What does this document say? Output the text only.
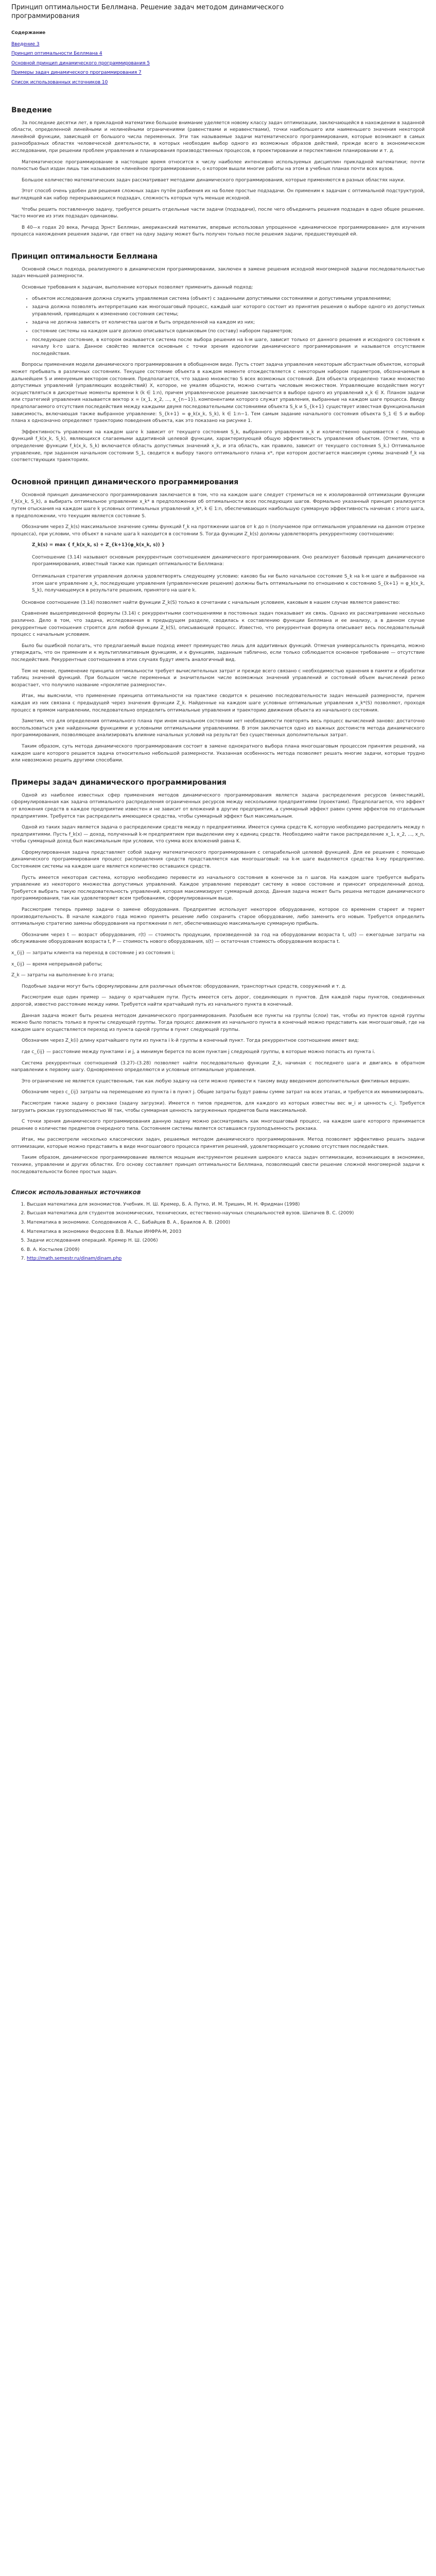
Принцип оптимальности Беллмана. Решение задач методом динамического программирования
Содержание
Введение 3
Принцип оптимальности Беллмана 4
Основной принцип динамического программирования 5
Примеры задач динамического программирования 7
Список использованных источников 10
Введение

За последние десятки лет, в прикладной математике большое внимание уделяется новому классу задач оптимизации, заключающейся в нахождении в заданной области, определенной линейными и нелинейными ограничениями (равенствами и неравенствами), точки наибольшего или наименьшего значения некоторой линейной функции, зависящей от большого числа переменных. Эти так называемые задачи математического программирования, которые возникают в самых разнообразных областях человеческой деятельности, в которых необходим выбор одного из возможных образов действий, прежде всего в экономическом исследовании, при решении проблем управления и планирования производственных процессов, в проектировании и перспективном планировании и т. д.

Математическое программирование в настоящее время относится к числу наиболее интенсивно используемых дисциплин прикладной математики; почти полностью был издан лишь так называемое «линейное программирование», о котором вышли многие работы на этом в учебных планах почти всех вузов.

Большое количество математических задач рассматривает методами динамического программирования, которые применяются в разных областях науки.

Этот способ очень удобен для решения сложных задач путём разбиения их на более простые подзадачи. Он применим к задачам с оптимальной подструктурой, выглядящей как набор перекрывающихся подзадач, сложность которых чуть меньше исходной.

Чтобы решить поставленную задачу, требуется решить отдельные части задачи (подзадачи), после чего объединить решения подзадач в одно общее решение. Часто многие из этих подзадач одинаковы.

В 40—х годах 20 века, Ричард Эрнст Беллман, американский математик, впервые использовал упрощенное «динамическое программирование» для изучения процесса нахождения решения задачи, где ответ на одну задачу может быть получен только после решения задачи, предшествующей ей.

Принцип оптимальности Беллмана

Основной смысл подхода, реализуемого в динамическом программировании, заключен в замене решения исходной многомерной задачи последовательностью задач меньшей размерности.

Основные требования к задачам, выполнение которых позволяет применить данный подход:

• объектом исследования должна служить управляемая система (объект) с заданными допустимыми состояниями и допустимыми управлениями;
• задача должна позволять интерпретацию как многошаговый процесс, каждый шаг которого состоит из принятия решения о выборе одного из допустимых управлений, приводящих к изменению состояния системы;
• задача не должна зависеть от количества шагов и быть определенной на каждом из них;
• состояние системы на каждом шаге должно описываться одинаковым (по составу) набором параметров;
• последующее состояние, в котором оказывается система после выбора решения на k-м шаге, зависит только от данного решения и исходного состояния к началу k-го шага. Данное свойство является основным с точки зрения идеологии динамического программирования и называется отсутствием последействия.

Вопросы применения модели динамического программирования в обобщенном виде. Пусть стоит задача управления некоторым абстрактным объектом, который может пребывать в различных состояниях. Текущее состояние объекта в каждом моменте отождествляется с некоторым набором параметров, обозначаемым в дальнейшем S и именуемым вектором состояния. Предполагается, что задано множество S всех возможных состояний. Для объекта определено также множество допустимых управлений (управляющих воздействий) X, которое, не умаляя общности, можно считать числовым множеством. Управляющие воздействия могут осуществляться в дискретные моменты времени k (k ∈ 1:n), причем управленческое решение заключается в выборе одного из управлений x_k ∈ X. Планом задачи или стратегией управления называется вектор x = (x_1, x_2, ..., x_{n−1}), компонентами которого служат управления, выбранные на каждом шаге процесса. Ввиду предполагаемого отсутствия последействия между каждыми двумя последовательными состояниями объекта S_k и S_{k+1} существует известная функциональная зависимость, включающая также выбранное управление: S_{k+1} = φ_k(x_k, S_k), k ∈ 1:n−1. Тем самым задание начального состояния объекта S_1 ∈ S и выбор плана x однозначно определяют траекторию поведения объекта, как это показано на рисунке 1.

Эффективность управления на каждом шаге k зависит от текущего состояния S_k, выбранного управления x_k и количественно оценивается с помощью функций f_k(x_k, S_k), являющихся слагаемыми аддитивной целевой функции, характеризующей общую эффективность управления объектом. (Отметим, что в определение функции f_k(x_k, S_k) включается область допустимых значений x_k, и эта область, как правило, зависит от текущего состояния S_k.) Оптимальное управление, при заданном начальном состоянии S_1, сводится к выбору такого оптимального плана x*, при котором достигается максимум суммы значений f_k на соответствующих траекториях.

Основной принцип динамического программирования

Основной принцип динамического программирования заключается в том, что на каждом шаге следует стремиться не к изолированной оптимизации функции f_k(x_k, S_k), а выбирать оптимальное управление x_k* в предположении об оптимальности всех последующих шагов. Формально указанный принцип реализуется путем отыскания на каждом шаге k условных оптимальных управлений x_k*, k ∈ 1:n, обеспечивающих наибольшую суммарную эффективность начиная с этого шага, в предположении, что текущим является состояние S.

Обозначим через Z_k(s) максимальное значение суммы функций f_k на протяжении шагов от k до n (получаемое при оптимальном управлении на данном отрезке процесса), при условии, что объект в начале шага k находится в состоянии S. Тогда функции Z_k(s) должны удовлетворять рекуррентному соотношению:

Z_k(s) = max { f_k(x_k, s) + Z_{k+1}(φ_k(x_k, s)) }
Соотношение (3.14) называют основным рекуррентным соотношением динамического программирования. Оно реализует базовый принцип динамического программирования, известный также как принцип оптимальности Беллмана:
Оптимальная стратегия управления должна удовлетворять следующему условию: каково бы ни было начальное состояние S_k на k-м шаге и выбранное на этом шаге управление x_k, последующие управления (управленческие решения) должны быть оптимальными по отношению к состоянию S_{k+1} = φ_k(x_k, S_k), получающемуся в результате решения, принятого на шаге k.

Основное соотношение (3.14) позволяет найти функции Z_k(S) только в сочетании с начальным условием, каковым в нашем случае является равенство:

Сравнение вышеприведенной формулы (3.14) с рекуррентными соотношениями в постоянных задач показывает их связь. Однако их рассматривание несколько различно. Дело в том, что задача, исследованная в предыдущем разделе, сводилась к составлению функции Беллмана и ее анализу, а в данном случае рекуррентные соотношения строятся для любой функции Z_k(S), описывающей процесс. Известно, что рекуррентная формула описывает весь последовательный процесс с начальным условием.

Было бы ошибкой полагать, что предлагаемый выше подход имеет преимущество лишь для аддитивных функций. Отмечая универсальность принципа, можно утверждать, что он применим и к мультипликативным функциям, и к функциям, заданным таблично, если только соблюдается основное требование — отсутствие последействия. Рекуррентные соотношения в этих случаях будут иметь аналогичный вид.

Тем не менее, применение принципа оптимальности требует вычислительных затрат и прежде всего связано с необходимостью хранения в памяти и обработки таблиц значений функций. При большом числе переменных и значительном числе возможных значений управлений и состояний объем вычислений резко возрастает, что получило название «проклятие размерности».

Итак, мы выяснили, что применение принципа оптимальности на практике сводится к решению последовательности задач меньшей размерности, причем каждая из них связана с предыдущей через значения функции Z_k. Найденные на каждом шаге условные оптимальные управления x_k*(S) позволяют, проходя процесс в прямом направлении, последовательно определить оптимальные управления и траекторию движения объекта из начального состояния.

Заметим, что для определения оптимального плана при ином начальном состоянии нет необходимости повторять весь процесс вычислений заново: достаточно воспользоваться уже найденными функциями и условными оптимальными управлениями. В этом заключается одно из важных достоинств метода динамического программирования, позволяющее анализировать влияние начальных условий на результат без существенных дополнительных затрат.

Таким образом, суть метода динамического программирования состоит в замене однократного выбора плана многошаговым процессом принятия решений, на каждом шаге которого решается задача относительно небольшой размерности. Указанная особенность метода позволяет решать многие задачи, которые трудно или невозможно решить другими способами.

Примеры задач динамического программирования

Одной из наиболее известных сфер применения методов динамического программирования является задача распределения ресурсов (инвестиций), сформулированная как задача оптимального распределения ограниченных ресурсов между несколькими предприятиями (проектами). Предполагается, что эффект от вложения средств в каждое предприятие известен и не зависит от вложений в другие предприятия, а суммарный эффект равен сумме эффектов по отдельным предприятиям. Требуется так распределить имеющиеся средства, чтобы суммарный эффект был максимальным.

Одной из таких задач является задача о распределении средств между n предприятиями. Имеется сумма средств K, которую необходимо распределить между n предприятиями. Пусть f_k(x) — доход, полученный k-м предприятием при выделении ему x единиц средств. Необходимо найти такое распределение x_1, x_2, ..., x_n, чтобы суммарный доход был максимальным при условии, что сумма всех вложений равна K.

Сформулированная задача представляет собой задачу математического программирования с сепарабельной целевой функцией. Для ее решения с помощью динамического программирования процесс распределения средств представляется как многошаговый: на k-м шаге выделяются средства k-му предприятию. Состоянием системы на каждом шаге является количество оставшихся средств.

Пусть имеется некоторая система, которую необходимо перевести из начального состояния в конечное за n шагов. На каждом шаге требуется выбрать управление из некоторого множества допустимых управлений. Каждое управление переводит систему в новое состояние и приносит определенный доход. Требуется выбрать такую последовательность управлений, которая максимизирует суммарный доход. Данная задача может быть решена методом динамического программирования, так как удовлетворяет всем требованиям, сформулированным выше.

Рассмотрим теперь пример задачи о замене оборудования. Предприятие использует некоторое оборудование, которое со временем стареет и теряет производительность. В начале каждого года можно принять решение либо сохранить старое оборудование, либо заменить его новым. Требуется определить оптимальную стратегию замены оборудования на протяжении n лет, обеспечивающую максимальную суммарную прибыль.

Обозначим через t — возраст оборудования, r(t) — стоимость продукции, произведенной за год на оборудовании возраста t, u(t) — ежегодные затраты на обслуживание оборудования возраста t, P — стоимость нового оборудования, s(t) — остаточная стоимость оборудования возраста t.

x_{ij} — затраты клиента на переход в состояние j из состояния i;

x_{ij} — время непрерывной работы;

Z_k — затраты на выполнение k-го этапа;

Подобные задачи могут быть сформулированы для различных объектов: оборудования, транспортных средств, сооружений и т. д.

Рассмотрим еще один пример — задачу о кратчайшем пути. Пусть имеется сеть дорог, соединяющих n пунктов. Для каждой пары пунктов, соединенных дорогой, известно расстояние между ними. Требуется найти кратчайший путь из начального пункта в конечный.

Данная задача может быть решена методом динамического программирования. Разобьем все пункты на группы (слои) так, чтобы из пунктов одной группы можно было попасть только в пункты следующей группы. Тогда процесс движения из начального пункта в конечный можно представить как многошаговый, где на каждом шаге осуществляется переход из пункта одной группы в пункт следующей группы.

Обозначим через Z_k(i) длину кратчайшего пути из пункта i k-й группы в конечный пункт. Тогда рекуррентное соотношение имеет вид:

где c_{ij} — расстояние между пунктами i и j, а минимум берется по всем пунктам j следующей группы, в которые можно попасть из пункта i.

Система рекуррентных соотношений (3.27)–(3.28) позволяет найти последовательно функции Z_k, начиная с последнего шага и двигаясь в обратном направлении к первому шагу. Одновременно определяются и условные оптимальные управления.

Это ограничение не является существенным, так как любую задачу на сети можно привести к такому виду введением дополнительных фиктивных вершин.

Обозначим через c_{ij} затраты на перемещение из пункта i в пункт j. Общие затраты будут равны сумме затрат на всех этапах, и требуется их минимизировать.

Рассмотрим также задачу о рюкзаке (задачу загрузки). Имеется n типов предметов, для каждого из которых известны вес w_i и ценность c_i. Требуется загрузить рюкзак грузоподъемностью W так, чтобы суммарная ценность загруженных предметов была максимальной.

С точки зрения динамического программирования данную задачу можно рассматривать как многошаговый процесс, на каждом шаге которого принимается решение о количестве предметов очередного типа. Состоянием системы является оставшаяся грузоподъемность рюкзака.

Итак, мы рассмотрели несколько классических задач, решаемых методом динамического программирования. Метод позволяет эффективно решать задачи оптимизации, которые можно представить в виде многошагового процесса принятия решений, удовлетворяющего условию отсутствия последействия.

Таким образом, динамическое программирование является мощным инструментом решения широкого класса задач оптимизации, возникающих в экономике, технике, управлении и других областях. Его основу составляет принцип оптимальности Беллмана, позволяющий свести решение сложной многомерной задачи к последовательности более простых задач.

Список использованных источников
1. Высшая математика для экономистов. Учебник. Н. Ш. Кремер, Б. А. Путко, И. М. Тришин, М. Н. Фридман (1998)
2. Высшая математика для студентов экономических, технических, естественно-научных специальностей вузов. Шипачев В. С. (2009)
3. Математика в экономике. Солодовников А. С., Бабайцев В. А., Браилов А. В. (2000)
4. Математика в экономике Федосеев В.В. Малые ИНФРА-М, 2003
5. Задачи исследования операций. Кремер Н. Ш. (2006)
6. В. А. Костылев (2009)
7. http://math.semestr.ru/dinam/dinam.php
